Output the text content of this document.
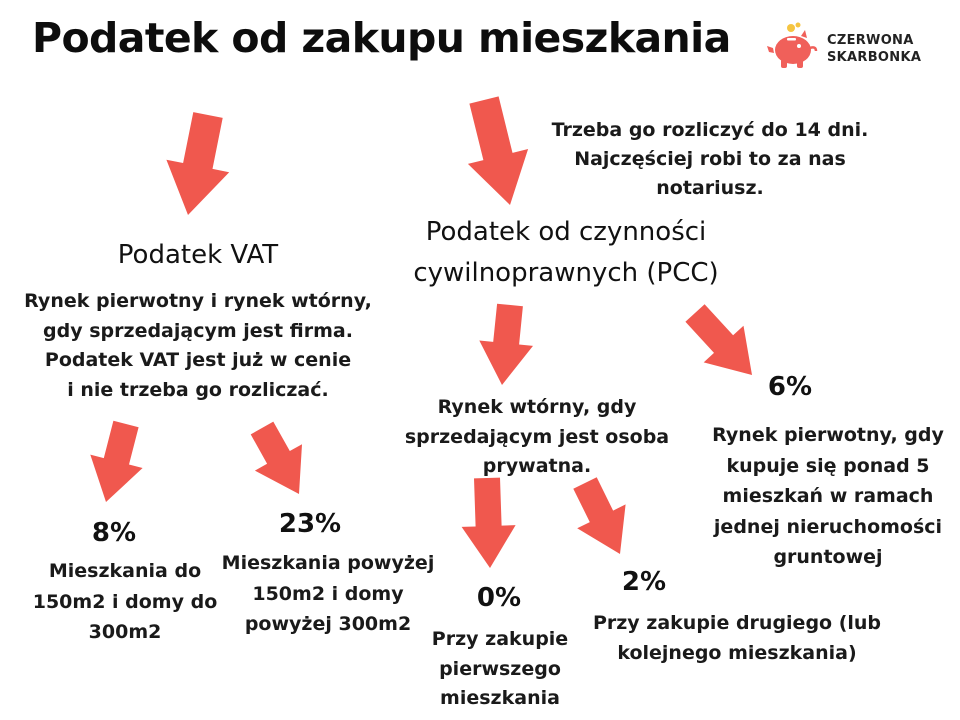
Podatek od zakupu mieszkania	CZERWONA
SKARBONKA
Podatek VAT
Rynek pierwotny i rynek wtórny,
gdy sprzedającym jest firma.
Podatek VAT jest już w cenie
i nie trzeba go rozliczać.
8%
Mieszkania do
150m2 i domy do
300m2
23%
Mieszkania powyżej
150m2 i domy
powyżej 300m2
Trzeba go rozliczyć do 14 dni.
Najczęściej robi to za nas
notariusz.
Podatek od czynności
cywilnoprawnych (PCC)
Rynek wtórny, gdy
sprzedającym jest osoba
prywatna.
0%
Przy zakupie
pierwszego
mieszkania
2%
Przy zakupie drugiego (lub
kolejnego mieszkania)
6%
Rynek pierwotny, gdy
kupuje się ponad 5
mieszkań w ramach
jednej nieruchomości
gruntowej
